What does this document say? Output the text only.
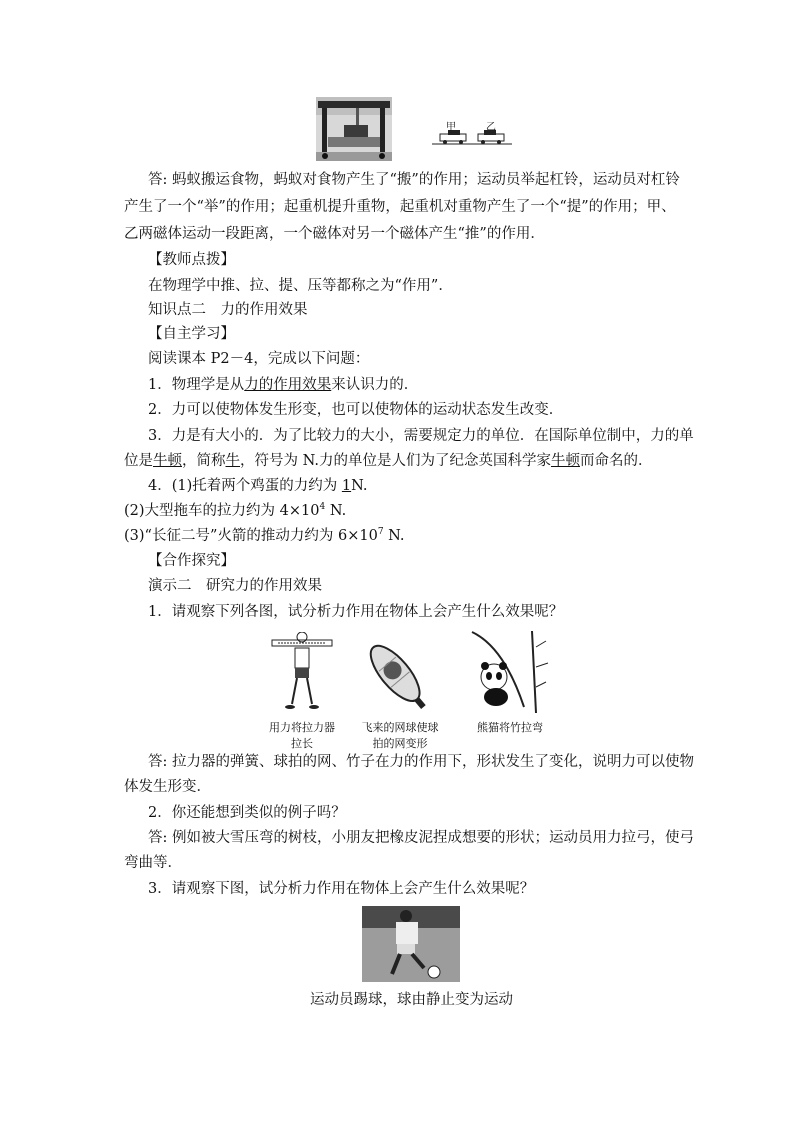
甲	乙
答: 蚂蚁搬运食物，蚂蚁对食物产生了“搬”的作用；运动员举起杠铃，运动员对杠铃
产生了一个“举”的作用；起重机提升重物，起重机对重物产生了一个“提”的作用；甲、
乙两磁体运动一段距离，一个磁体对另一个磁体产生“推”的作用．
【教师点拨】
在物理学中推、拉、提、压等都称之为“作用”．
知识点二　力的作用效果
【自主学习】
阅读课本 P2－4，完成以下问题：
1．物理学是从力的作用效果来认识力的．
2．力可以使物体发生形变，也可以使物体的运动状态发生改变．
3．力是有大小的．为了比较力的大小，需要规定力的单位．在国际单位制中，力的单
位是牛顿，简称牛，符号为 N.力的单位是人们为了纪念英国科学家牛顿而命名的．
4．(1)托着两个鸡蛋的力约为 1N.
(2)大型拖车的拉力约为 $4\times 10^4$ N.
(3)“长征二号”火箭的推动力约为 $6\times 10^7$ N.
【合作探究】
演示二　研究力的作用效果
1．请观察下列各图，试分析力作用在物体上会产生什么效果呢？
用力将拉力器拉长
飞来的网球使球拍的网变形
熊猫将竹拉弯
答: 拉力器的弹簧、球拍的网、竹子在力的作用下，形状发生了变化，说明力可以使物
体发生形变．
2．你还能想到类似的例子吗？
答: 例如被大雪压弯的树枝，小朋友把橡皮泥捏成想要的形状；运动员用力拉弓，使弓
弯曲等．
3．请观察下图，试分析力作用在物体上会产生什么效果呢？
运动员踢球，球由静止变为运动
